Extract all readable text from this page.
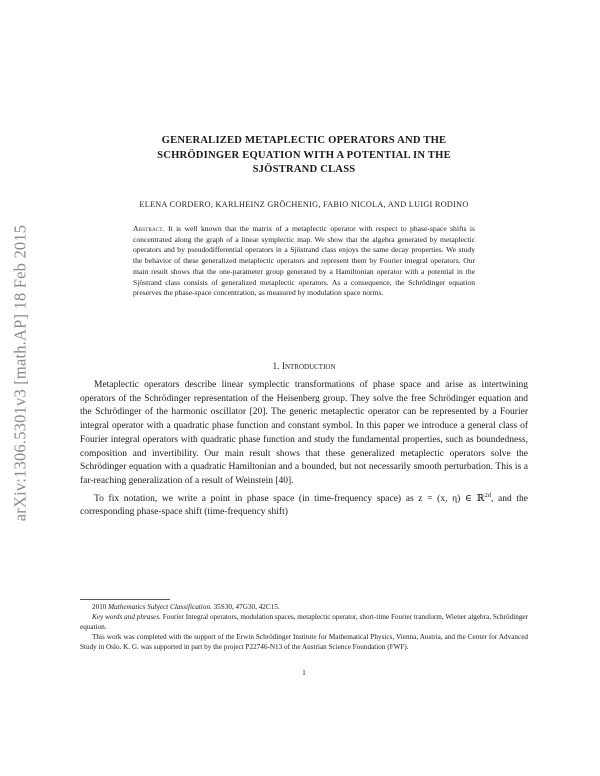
arXiv:1306.5301v3 [math.AP] 18 Feb 2015
GENERALIZED METAPLECTIC OPERATORS AND THE
SCHRÖDINGER EQUATION WITH A POTENTIAL IN THE
SJÖSTRAND CLASS
ELENA CORDERO, KARLHEINZ GRÖCHENIG, FABIO NICOLA, AND LUIGI RODINO
Abstract. It is well known that the matrix of a metaplectic operator with respect to phase-space shifts is concentrated along the graph of a linear symplectic map. We show that the algebra generated by metaplectic operators and by pseudodifferential operators in a Sjöstrand class enjoys the same decay properties. We study the behavior of these generalized metaplectic operators and represent them by Fourier integral operators. Our main result shows that the one-parameter group generated by a Hamiltonian operator with a potential in the Sjöstrand class consists of generalized metaplectic operators. As a consequence, the Schrödinger equation preserves the phase-space concentration, as measured by modulation space norms.
1. Introduction

Metaplectic operators describe linear symplectic transformations of phase space and arise as intertwining operators of the Schrödinger representation of the Heisenberg group. They solve the free Schrödinger equation and the Schrödinger of the harmonic oscillator [20]. The generic metaplectic operator can be represented by a Fourier integral operator with a quadratic phase function and constant symbol. In this paper we introduce a general class of Fourier integral operators with quadratic phase function and study the fundamental properties, such as boundedness, composition and invertibility. Our main result shows that these generalized metaplectic operators solve the Schrödinger equation with a quadratic Hamiltonian and a bounded, but not necessarily smooth perturbation. This is a far-reaching generalization of a result of Weinstein [40].

To fix notation, we write a point in phase space (in time-frequency space) as z = (x, η) ∈ ℝ$^{2d}$, and the corresponding phase-space shift (time-frequency shift)

2010 Mathematics Subject Classification. 35S30, 47G30, 42C15.

Key words and phrases. Fourier Integral operators, modulation spaces, metaplectic operator, short-time Fourier transform, Wiener algebra, Schrödinger equation.

This work was completed with the support of the Erwin Schrödinger Institute for Mathematical Physics, Vienna, Austria, and the Center for Advanced Study in Oslo. K. G. was supported in part by the project P22746-N13 of the Austrian Science Foundation (FWF).

1
